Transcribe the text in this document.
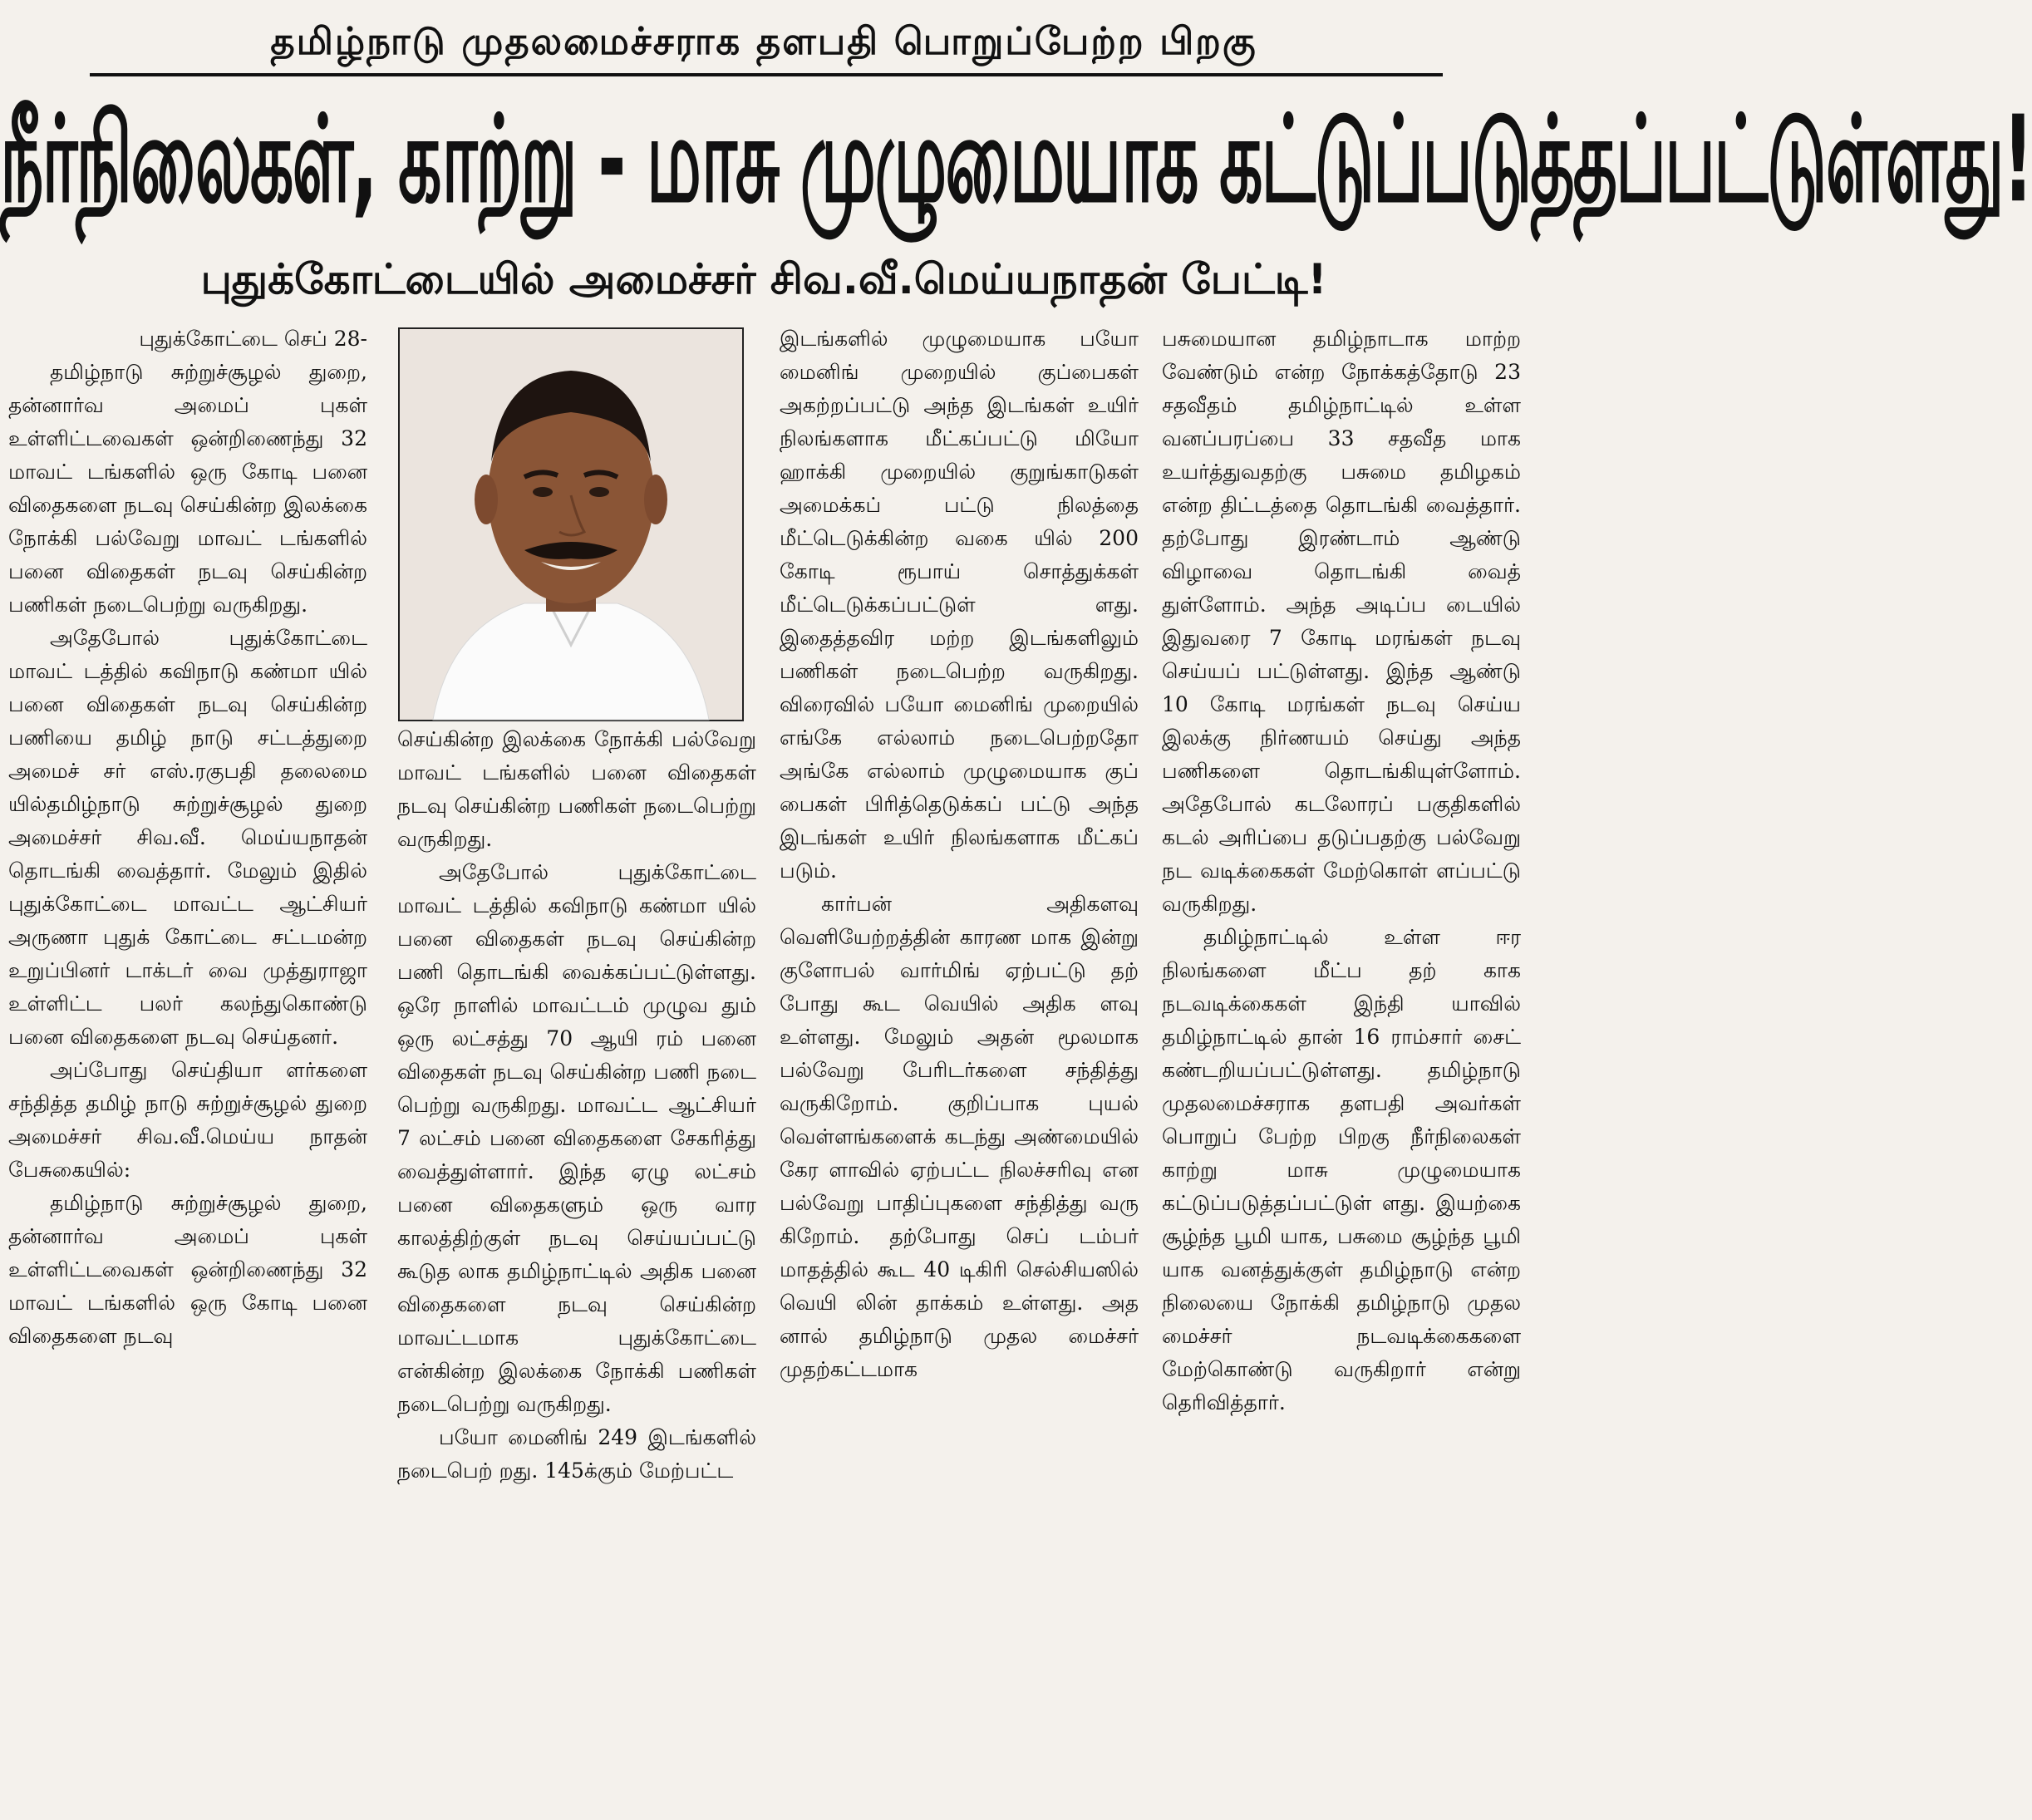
தமிழ்நாடு முதலமைச்சராக தளபதி பொறுப்பேற்ற பிறகு
நீர்நிலைகள், காற்று - மாசு முழுமையாக கட்டுப்படுத்தப்பட்டுள்ளது!
புதுக்கோட்டையில் அமைச்சர் சிவ.வீ.மெய்யநாதன் பேட்டி!

புதுக்கோட்டை செப் 28-

தமிழ்நாடு சுற்றுச்சூழல் துறை, தன்னார்வ அமைப் புகள் உள்ளிட்டவைகள் ஒன்றிணைந்து 32 மாவட் டங்களில் ஒரு கோடி பனை விதைகளை நடவு செய்கின்ற இலக்கை நோக்கி பல்வேறு மாவட் டங்களில் பனை விதைகள் நடவு செய்கின்ற பணிகள் நடைபெற்று வருகிறது.

அதேபோல் புதுக்கோட்டை மாவட் டத்தில் கவிநாடு கண்மா யில் பனை விதைகள் நடவு செய்கின்ற பணியை தமிழ் நாடு சட்டத்துறை அமைச் சர் எஸ்.ரகுபதி தலைமை யில்தமிழ்நாடு சுற்றுச்சூழல் துறை அமைச்சர் சிவ.வீ. மெய்யநாதன் தொடங்கி வைத்தார். மேலும் இதில் புதுக்கோட்டை மாவட்ட ஆட்சியர் அருணா புதுக் கோட்டை சட்டமன்ற உறுப்பினர் டாக்டர் வை முத்துராஜா உள்ளிட்ட பலர் கலந்துகொண்டு பனை விதைகளை நடவு செய்தனர்.

அப்போது செய்தியா ளர்களை சந்தித்த தமிழ் நாடு சுற்றுச்சூழல் துறை அமைச்சர் சிவ.வீ.மெய்ய நாதன் பேசுகையில்:

தமிழ்நாடு சுற்றுச்சூழல் துறை, தன்னார்வ அமைப் புகள் உள்ளிட்டவைகள் ஒன்றிணைந்து 32 மாவட் டங்களில் ஒரு கோடி பனை விதைகளை நடவு

செய்கின்ற இலக்கை நோக்கி பல்வேறு மாவட் டங்களில் பனை விதைகள் நடவு செய்கின்ற பணிகள் நடைபெற்று வருகிறது.

அதேபோல் புதுக்கோட்டை மாவட் டத்தில் கவிநாடு கண்மா யில் பனை விதைகள் நடவு செய்கின்ற பணி தொடங்கி வைக்கப்பட்டுள்ளது. ஒரே நாளில் மாவட்டம் முழுவ தும் ஒரு லட்சத்து 70 ஆயி ரம் பனை விதைகள் நடவு செய்கின்ற பணி நடை பெற்று வருகிறது. மாவட்ட ஆட்சியர் 7 லட்சம் பனை விதைகளை சேகரித்து வைத்துள்ளார். இந்த ஏழு லட்சம் பனை விதைகளும் ஒரு வார காலத்திற்குள் நடவு செய்யப்பட்டு கூடுத லாக தமிழ்நாட்டில் அதிக பனை விதைகளை நடவு செய்கின்ற மாவட்டமாக புதுக்கோட்டை என்கின்ற இலக்கை நோக்கி பணிகள் நடைபெற்று வருகிறது.

பயோ மைனிங் 249 இடங்களில் நடைபெற் றது. 145க்கும் மேற்பட்ட

இடங்களில் முழுமையாக பயோ மைனிங் முறையில் குப்பைகள் அகற்றப்பட்டு அந்த இடங்கள் உயிர் நிலங்களாக மீட்கப்பட்டு மியோ ஹாக்கி முறையில் குறுங்காடுகள் அமைக்கப் பட்டு நிலத்தை மீட்டெடுக்கின்ற வகை யில் 200 கோடி ரூபாய் சொத்துக்கள் மீட்டெடுக்கப்பட்டுள் ளது. இதைத்தவிர மற்ற இடங்களிலும் பணிகள் நடைபெற்ற வருகிறது. விரைவில் பயோ மைனிங் முறையில் எங்கே எல்லாம் நடைபெற்றதோ அங்கே எல்லாம் முழுமையாக குப் பைகள் பிரித்தெடுக்கப் பட்டு அந்த இடங்கள் உயிர் நிலங்களாக மீட்கப் படும்.

கார்பன் அதிகளவு வெளியேற்றத்தின் காரண மாக இன்று குளோபல் வார்மிங் ஏற்பட்டு தற் போது கூட வெயில் அதிக ளவு உள்ளது. மேலும் அதன் மூலமாக பல்வேறு பேரிடர்களை சந்தித்து வருகிறோம். குறிப்பாக புயல் வெள்ளங்களைக் கடந்து அண்மையில் கேர ளாவில் ஏற்பட்ட நிலச்சரிவு என பல்வேறு பாதிப்புகளை சந்தித்து வரு கிறோம். தற்போது செப் டம்பர் மாதத்தில் கூட 40 டிகிரி செல்சியஸில் வெயி லின் தாக்கம் உள்ளது. அத னால் தமிழ்நாடு முதல மைச்சர் முதற்கட்டமாக

பசுமையான தமிழ்நாடாக மாற்ற வேண்டும் என்ற நோக்கத்தோடு 23 சதவீதம் தமிழ்நாட்டில் உள்ள வனப்பரப்பை 33 சதவீத மாக உயர்த்துவதற்கு பசுமை தமிழகம் என்ற திட்டத்தை தொடங்கி வைத்தார். தற்போது இரண்டாம் ஆண்டு விழாவை தொடங்கி வைத் துள்ளோம். அந்த அடிப்ப டையில் இதுவரை 7 கோடி மரங்கள் நடவு செய்யப் பட்டுள்ளது. இந்த ஆண்டு 10 கோடி மரங்கள் நடவு செய்ய இலக்கு நிர்ணயம் செய்து அந்த பணிகளை தொடங்கியுள்ளோம். அதேபோல் கடலோரப் பகுதிகளில் கடல் அரிப்பை தடுப்பதற்கு பல்வேறு நட வடிக்கைகள் மேற்கொள் ளப்பட்டு வருகிறது.

தமிழ்நாட்டில் உள்ள ஈர நிலங்களை மீட்ப தற் காக நடவடிக்கைகள் இந்தி யாவில் தமிழ்நாட்டில் தான் 16 ராம்சார் சைட் கண்டறியப்பட்டுள்ளது. தமிழ்நாடு முதலமைச்சராக தளபதி அவர்கள் பொறுப் பேற்ற பிறகு நீர்நிலைகள் காற்று மாசு முழுமையாக கட்டுப்படுத்தப்பட்டுள் ளது. இயற்கை சூழ்ந்த பூமி யாக, பசுமை சூழ்ந்த பூமி யாக வனத்துக்குள் தமிழ்நாடு என்ற நிலையை நோக்கி தமிழ்நாடு முதல மைச்சர் நடவடிக்கைகளை மேற்கொண்டு வருகிறார் என்று தெரிவித்தார்.
